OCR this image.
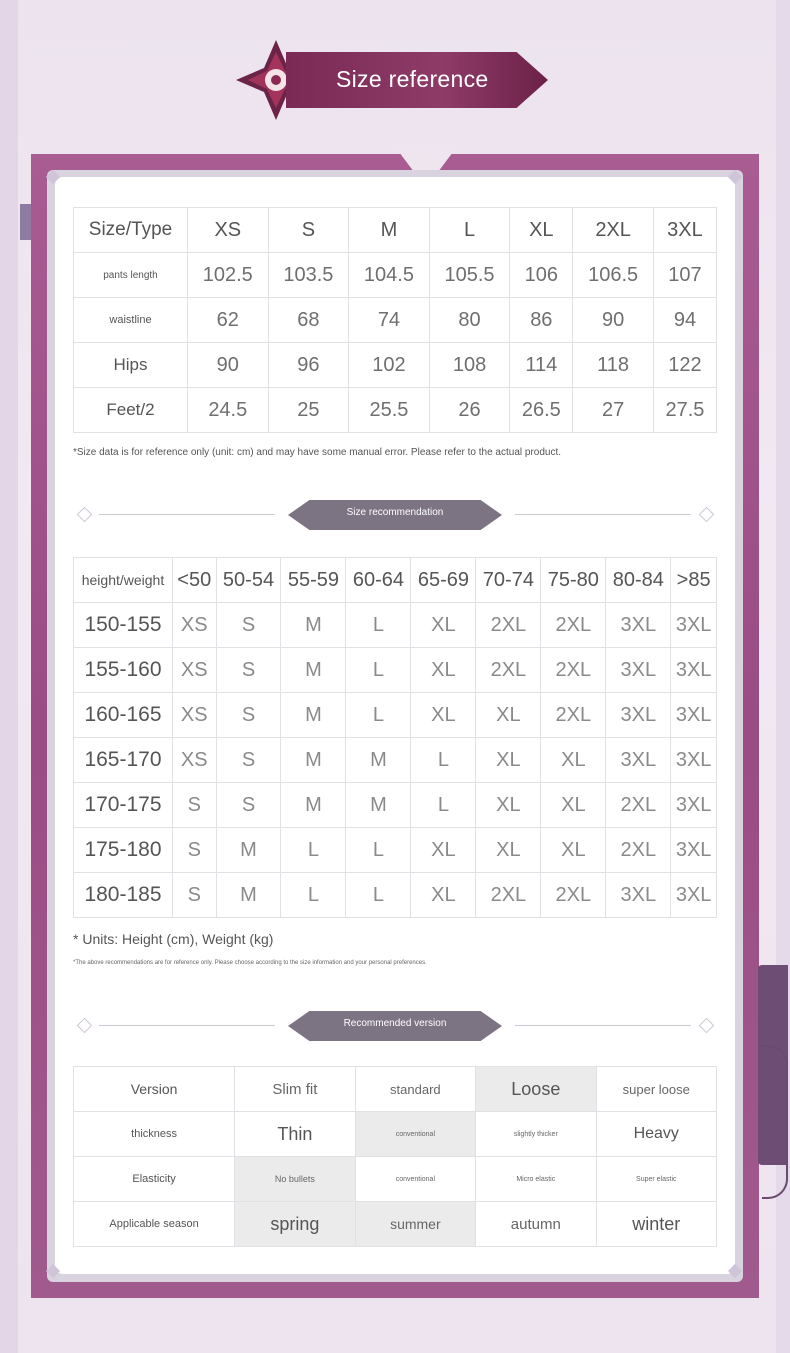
Size reference
Size/Type	XS	S	M	L	XL	2XL	3XL
pants length	102.5	103.5	104.5	105.5	106	106.5	107
waistline	62	68	74	80	86	90	94
Hips	90	96	102	108	114	118	122
Feet/2	24.5	25	25.5	26	26.5	27	27.5
*Size data is for reference only (unit: cm) and may have some manual error. Please refer to the actual product.
Size recommendation
height/weight	<50	50-54	55-59	60-64	65-69	70-74	75-80	80-84	>85
150-155	XS	S	M	L	XL	2XL	2XL	3XL	3XL
155-160	XS	S	M	L	XL	2XL	2XL	3XL	3XL
160-165	XS	S	M	L	XL	XL	2XL	3XL	3XL
165-170	XS	S	M	M	L	XL	XL	3XL	3XL
170-175	S	S	M	M	L	XL	XL	2XL	3XL
175-180	S	M	L	L	XL	XL	XL	2XL	3XL
180-185	S	M	L	L	XL	2XL	2XL	3XL	3XL
* Units: Height (cm), Weight (kg)
*The above recommendations are for reference only. Please choose according to the size information and your personal preferences.
Recommended version
Version	Slim fit	standard	Loose	super loose
thickness	Thin	conventional	slightly thicker	Heavy
Elasticity	No bullets	conventional	Micro elastic	Super elastic
Applicable season	spring	summer	autumn	winter
